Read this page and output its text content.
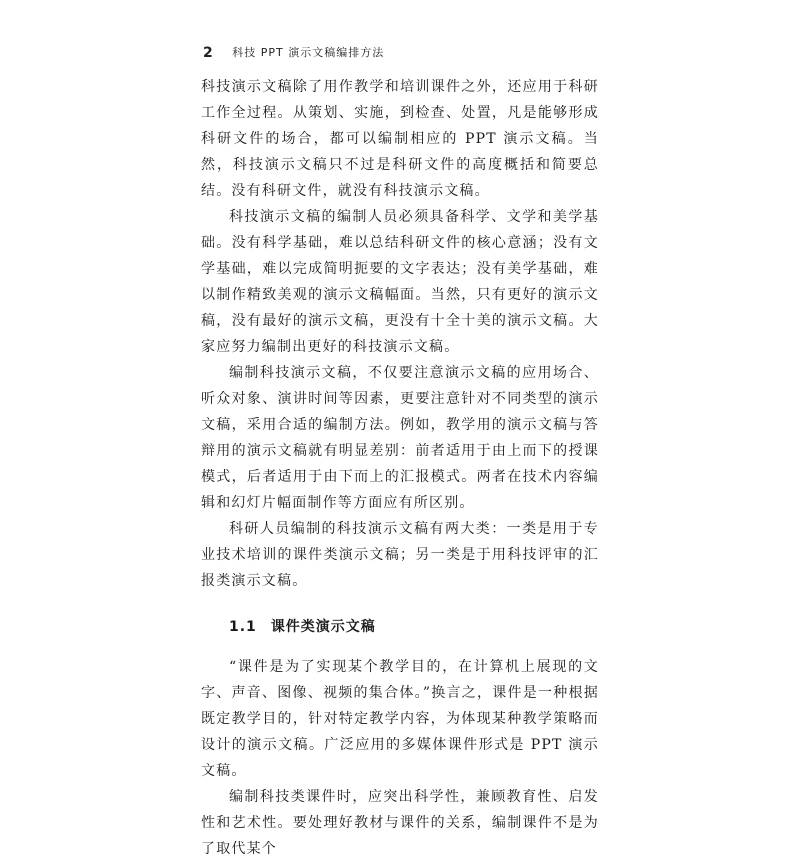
2 科技 PPT 演示文稿编排方法

科技演示文稿除了用作教学和培训课件之外，还应用于科研工作全过程。从策划、实施，到检查、处置，凡是能够形成科研文件的场合，都可以编制相应的 PPT 演示文稿。当然，科技演示文稿只不过是科研文件的高度概括和简要总结。没有科研文件，就没有科技演示文稿。

科技演示文稿的编制人员必须具备科学、文学和美学基础。没有科学基础，难以总结科研文件的核心意涵；没有文学基础，难以完成简明扼要的文字表达；没有美学基础，难以制作精致美观的演示文稿幅面。当然，只有更好的演示文稿，没有最好的演示文稿，更没有十全十美的演示文稿。大家应努力编制出更好的科技演示文稿。

编制科技演示文稿，不仅要注意演示文稿的应用场合、听众对象、演讲时间等因素，更要注意针对不同类型的演示文稿，采用合适的编制方法。例如，教学用的演示文稿与答辩用的演示文稿就有明显差别：前者适用于由上而下的授课模式，后者适用于由下而上的汇报模式。两者在技术内容编辑和幻灯片幅面制作等方面应有所区别。

科研人员编制的科技演示文稿有两大类：一类是用于专业技术培训的课件类演示文稿；另一类是于用科技评审的汇报类演示文稿。

1.1 课件类演示文稿

“课件是为了实现某个教学目的，在计算机上展现的文字、声音、图像、视频的集合体。”换言之，课件是一种根据既定教学目的，针对特定教学内容，为体现某种教学策略而设计的演示文稿。广泛应用的多媒体课件形式是 PPT 演示文稿。

编制科技类课件时，应突出科学性，兼顾教育性、启发性和艺术性。要处理好教材与课件的关系，编制课件不是为了取代某个
